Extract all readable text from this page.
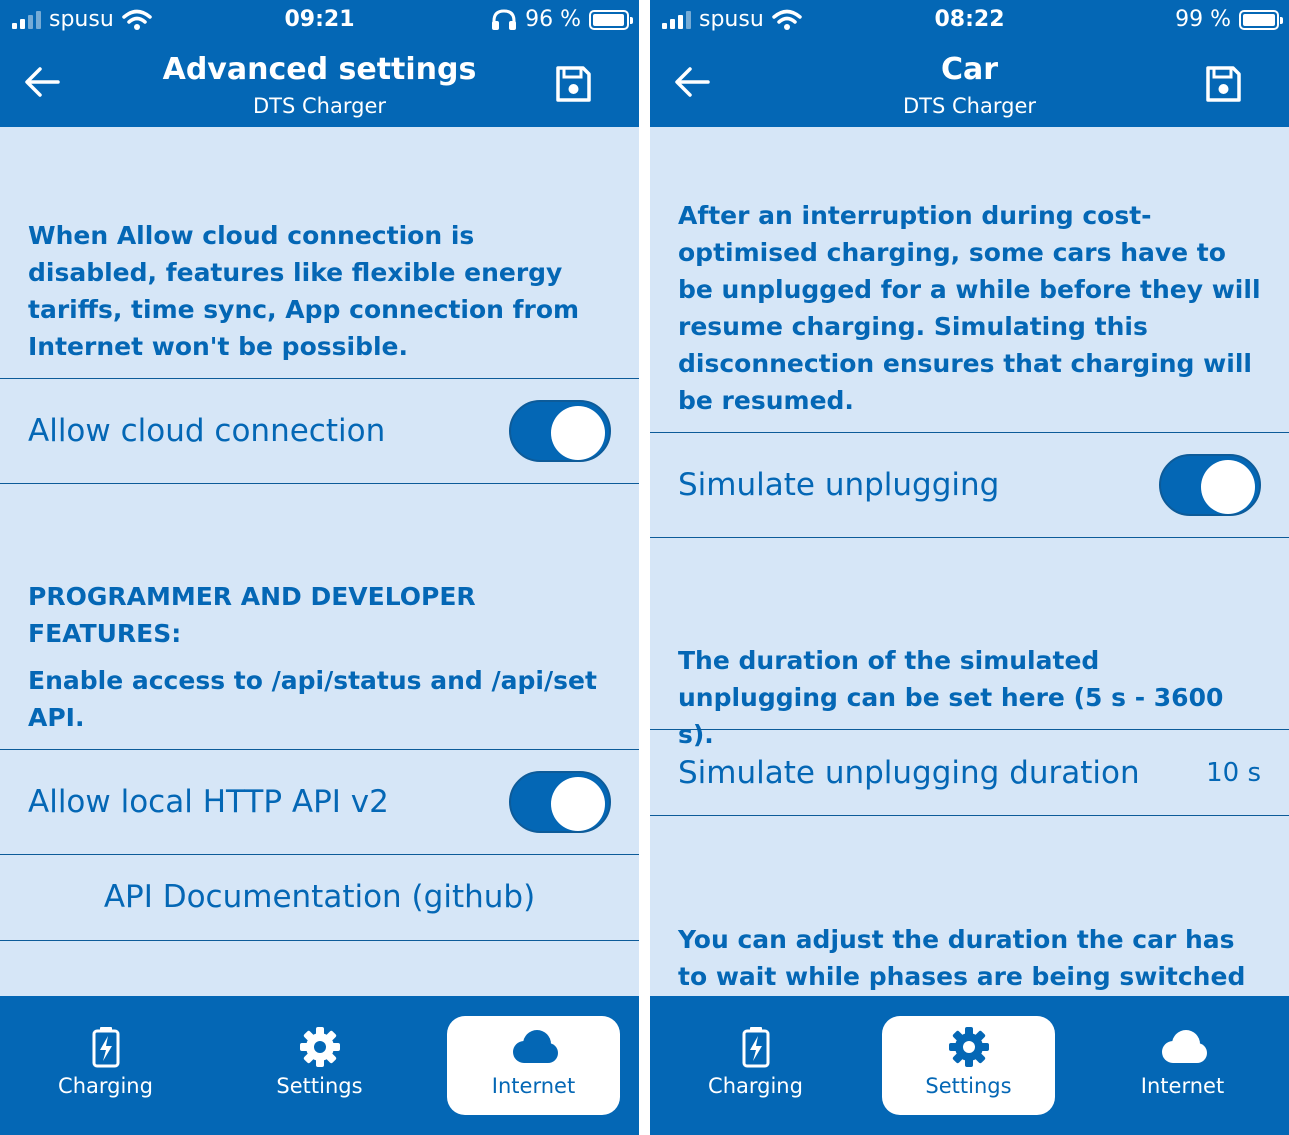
spusu	09:21	96 %
Advanced settings
DTS Charger
When Allow cloud connection is disabled, features like flexible energy tariffs, time sync, App connection from Internet won't be possible.
Allow cloud connection
PROGRAMMER AND DEVELOPER FEATURES:
Enable access to /api/status and /api/set API.
Allow local HTTP API v2
API Documentation (github)
Charging	Settings	Internet
spusu	08:22	99 %
Car
DTS Charger
After an interruption during cost-optimised charging, some cars have to be unplugged for a while before they will resume charging. Simulating this disconnection ensures that charging will be resumed.
Simulate unplugging
The duration of the simulated unplugging can be set here (5 s - 3600 s).
Simulate unplugging duration	10 s
You can adjust the duration the car has to wait while phases are being switched
Charging	Settings	Internet
